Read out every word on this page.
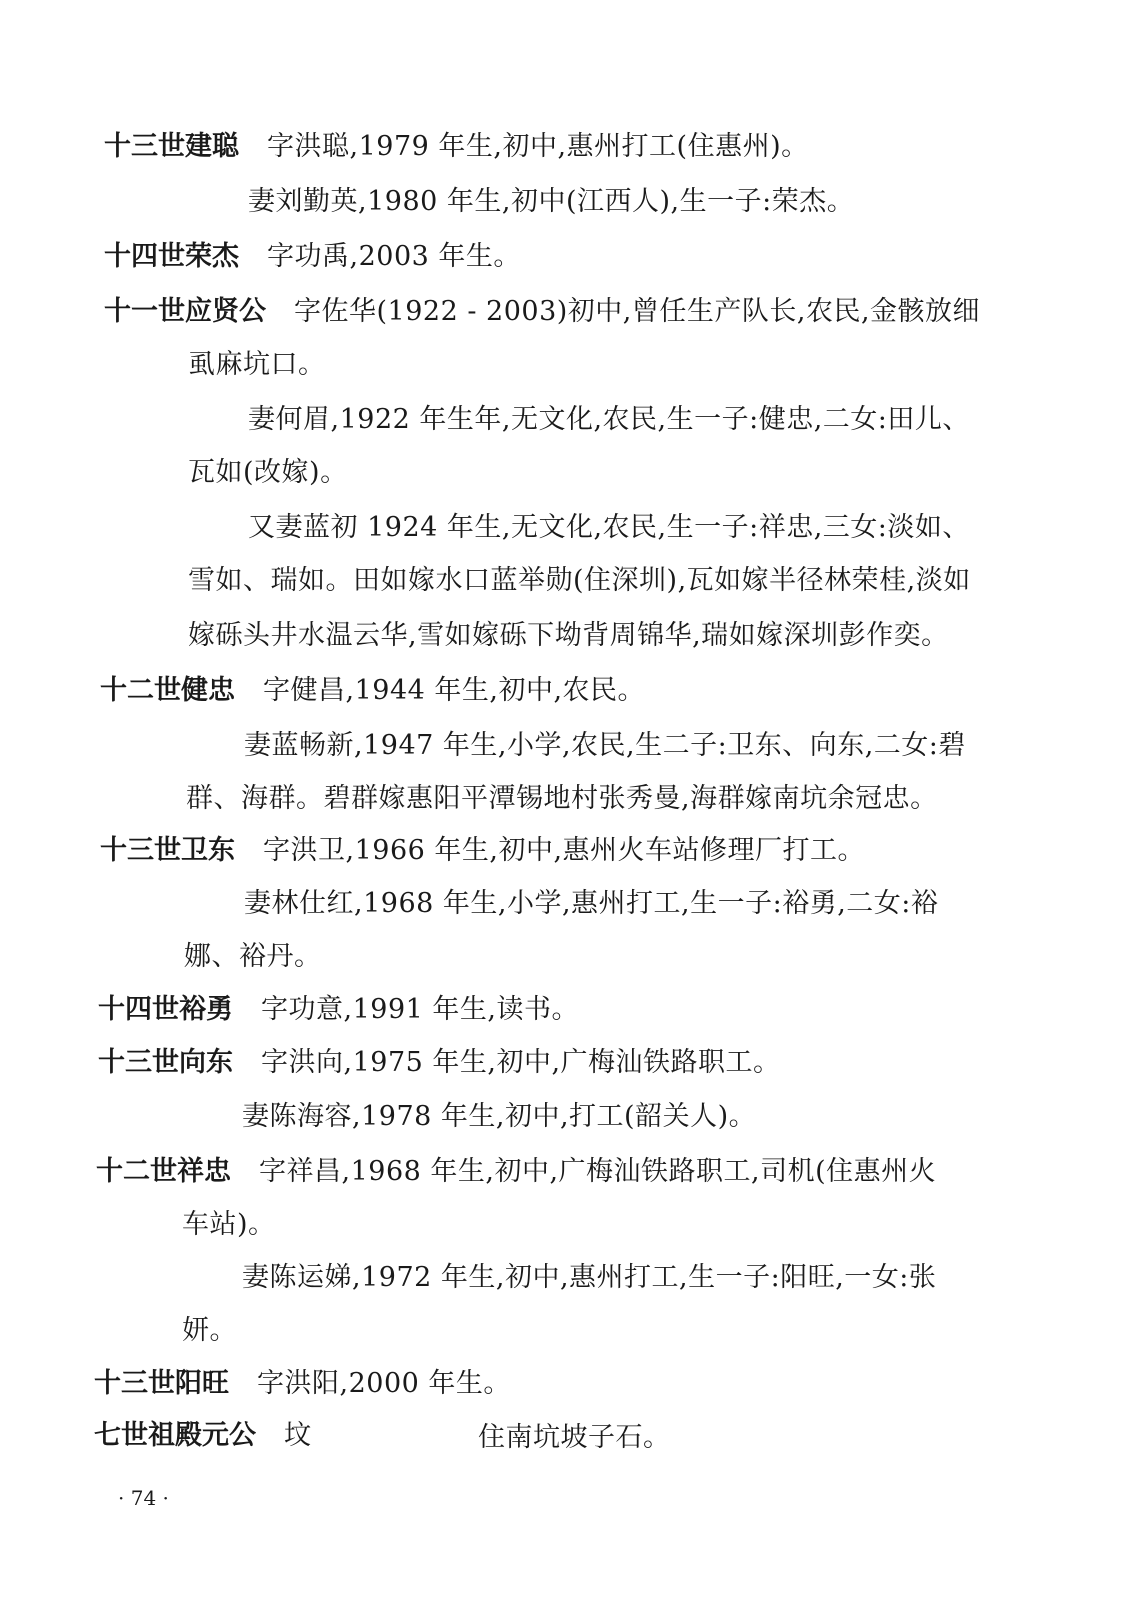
十三世建聪 字洪聪,1979 年生,初中,惠州打工(住惠州)。
妻刘勤英,1980 年生,初中(江西人),生一子:荣杰。
十四世荣杰 字功禹,2003 年生。
十一世应贤公 字佐华(1922 - 2003)初中,曾任生产队长,农民,金骸放细
虱麻坑口。
妻何眉,1922 年生年,无文化,农民,生一子:健忠,二女:田儿、
瓦如(改嫁)。
又妻蓝初 1924 年生,无文化,农民,生一子:祥忠,三女:淡如、
雪如、瑞如。田如嫁水口蓝举勋(住深圳),瓦如嫁半径林荣桂,淡如
嫁砾头井水温云华,雪如嫁砾下坳背周锦华,瑞如嫁深圳彭作奕。
十二世健忠 字健昌,1944 年生,初中,农民。
妻蓝畅新,1947 年生,小学,农民,生二子:卫东、向东,二女:碧
群、海群。碧群嫁惠阳平潭锡地村张秀曼,海群嫁南坑余冠忠。
十三世卫东 字洪卫,1966 年生,初中,惠州火车站修理厂打工。
妻林仕红,1968 年生,小学,惠州打工,生一子:裕勇,二女:裕
娜、裕丹。
十四世裕勇 字功意,1991 年生,读书。
十三世向东 字洪向,1975 年生,初中,广梅汕铁路职工。
妻陈海容,1978 年生,初中,打工(韶关人)。
十二世祥忠 字祥昌,1968 年生,初中,广梅汕铁路职工,司机(住惠州火
车站)。
妻陈运娣,1972 年生,初中,惠州打工,生一子:阳旺,一女:张
妍。
十三世阳旺 字洪阳,2000 年生。
七世祖殿元公 坟	住南坑坡子石。
· 74 ·
